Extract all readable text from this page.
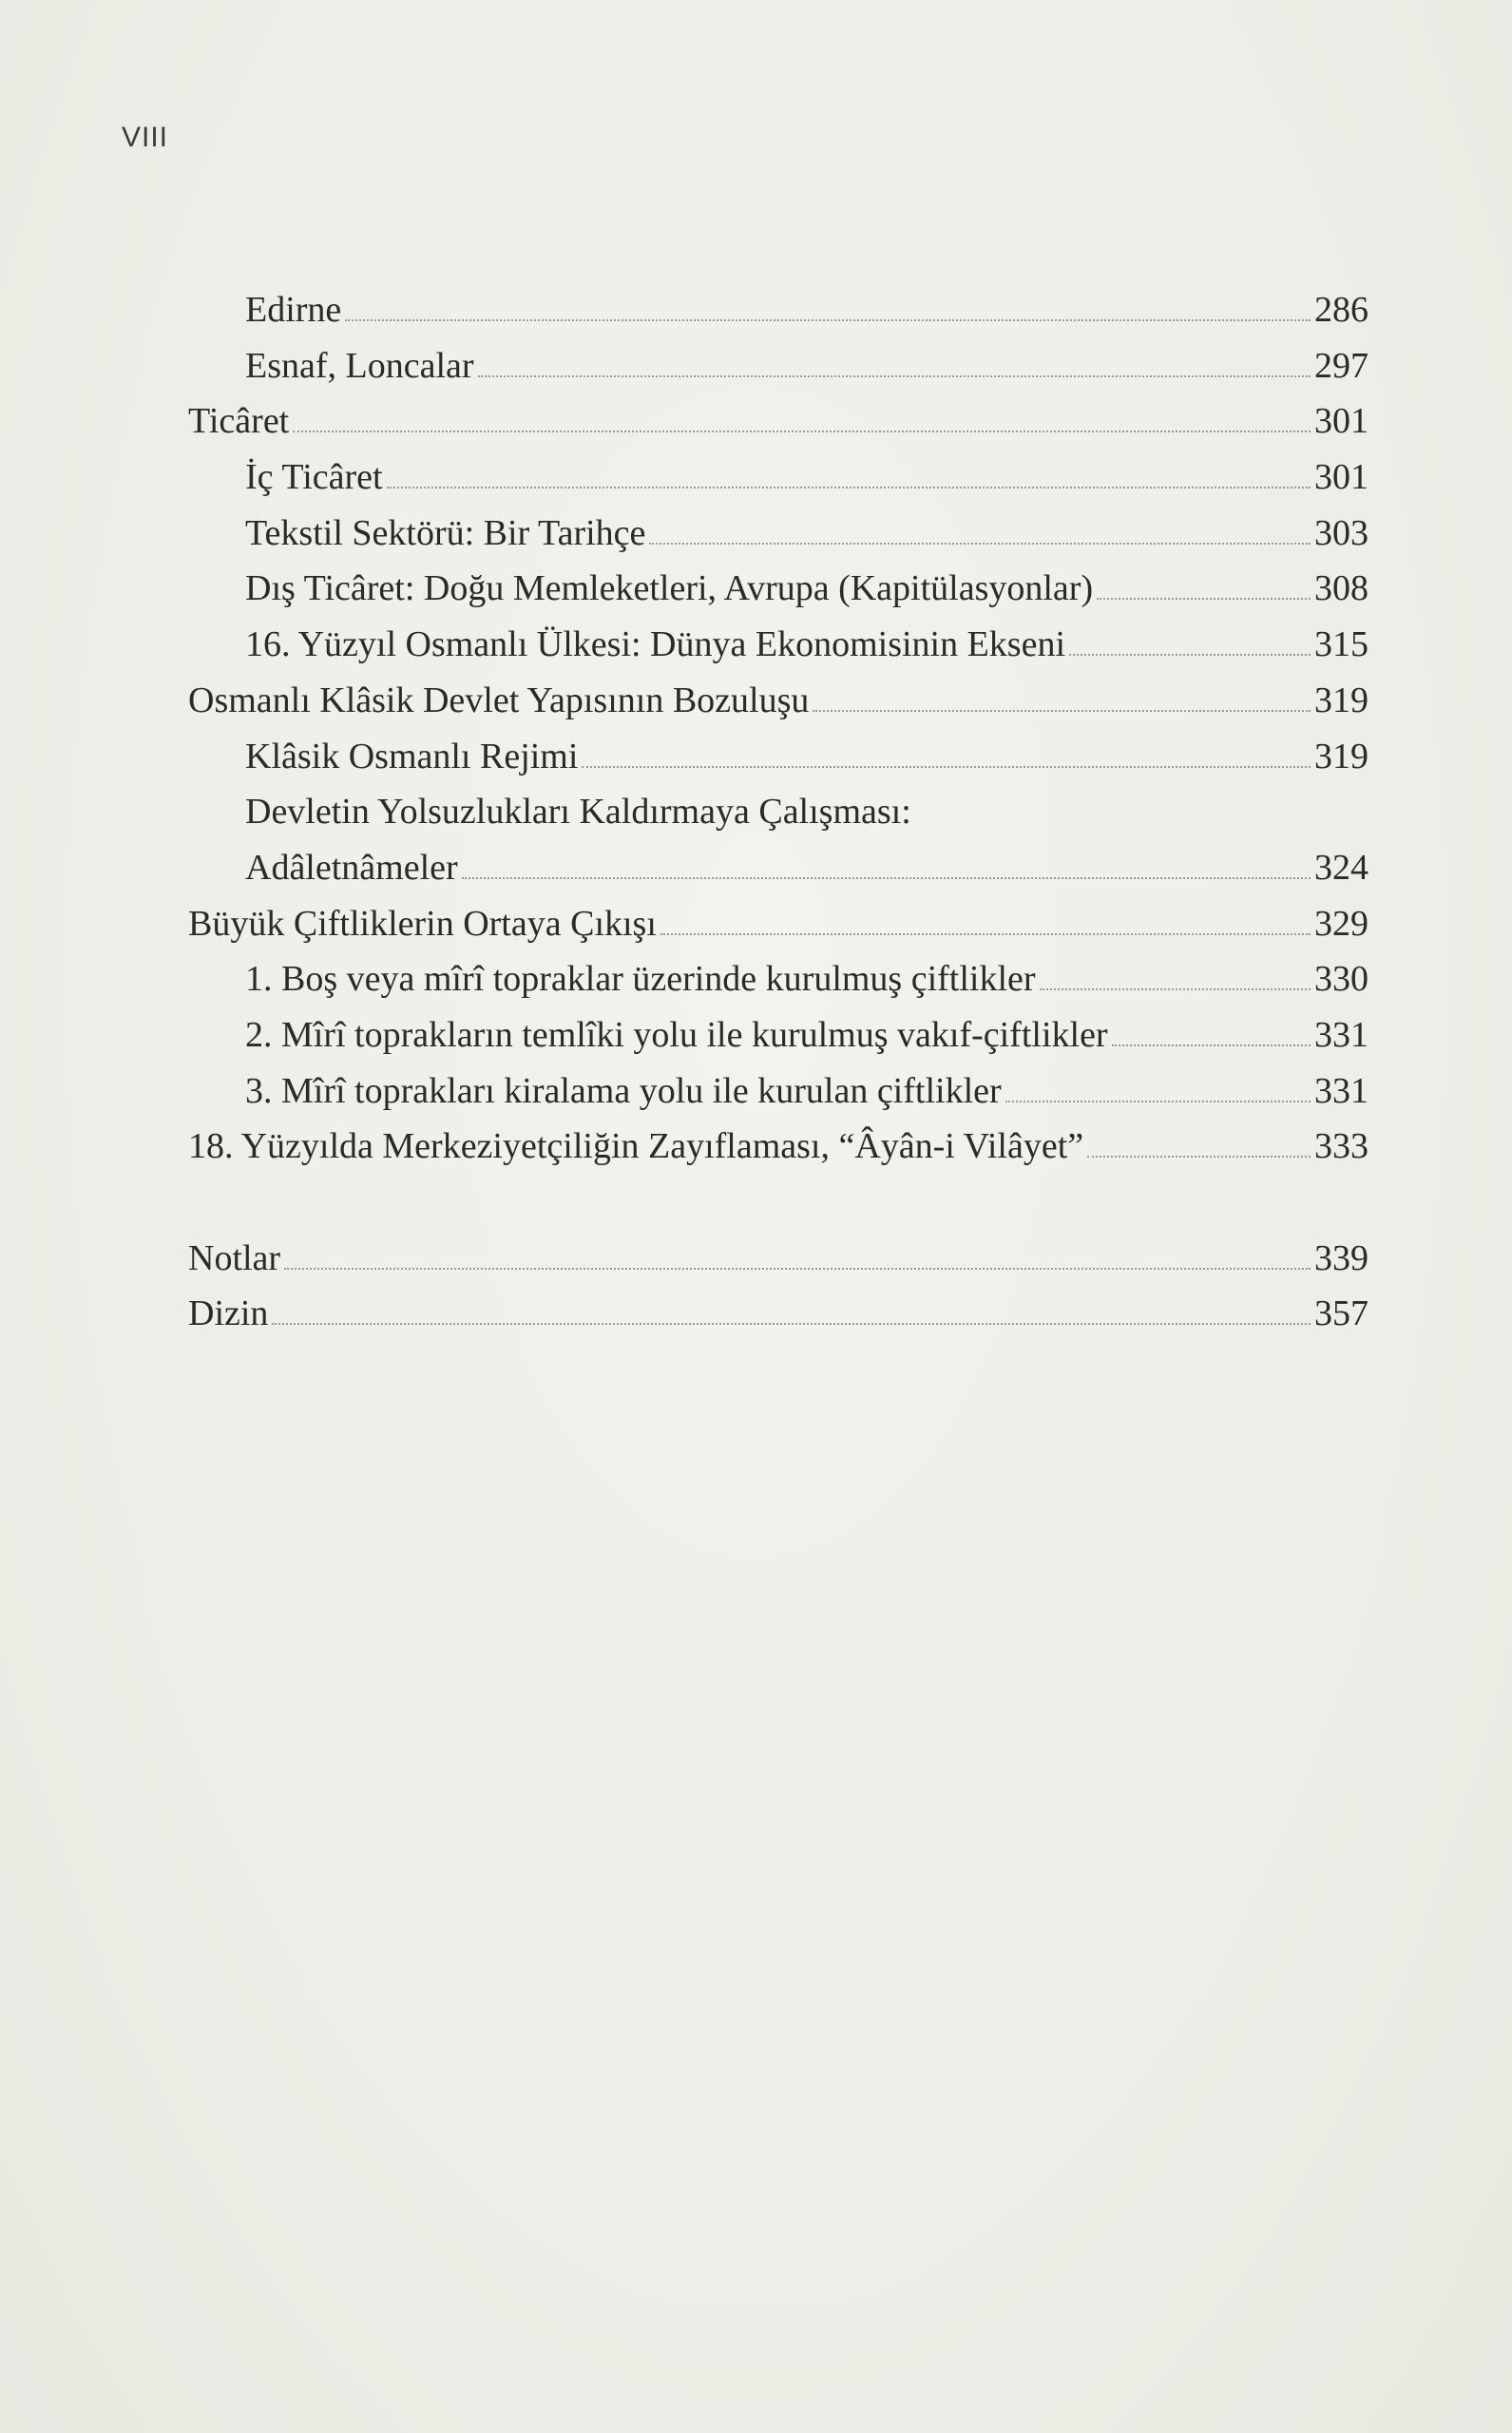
VIII
Edirne	286
Esnaf, Loncalar	297
Ticâret	301
İç Ticâret	301
Tekstil Sektörü: Bir Tarihçe	303
Dış Ticâret: Doğu Memleketleri, Avrupa (Kapitülasyonlar)	308
16. Yüzyıl Osmanlı Ülkesi: Dünya Ekonomisinin Ekseni	315
Osmanlı Klâsik Devlet Yapısının Bozuluşu	319
Klâsik Osmanlı Rejimi	319
Devletin Yolsuzlukları Kaldırmaya Çalışması:
Adâletnâmeler	324
Büyük Çiftliklerin Ortaya Çıkışı	329
1. Boş veya mîrî topraklar üzerinde kurulmuş çiftlikler	330
2. Mîrî toprakların temlîki yolu ile kurulmuş vakıf-çiftlikler	331
3. Mîrî toprakları kiralama yolu ile kurulan çiftlikler	331
18. Yüzyılda Merkeziyetçiliğin Zayıflaması, “Âyân-i Vilâyet”	333
Notlar	339
Dizin	357
